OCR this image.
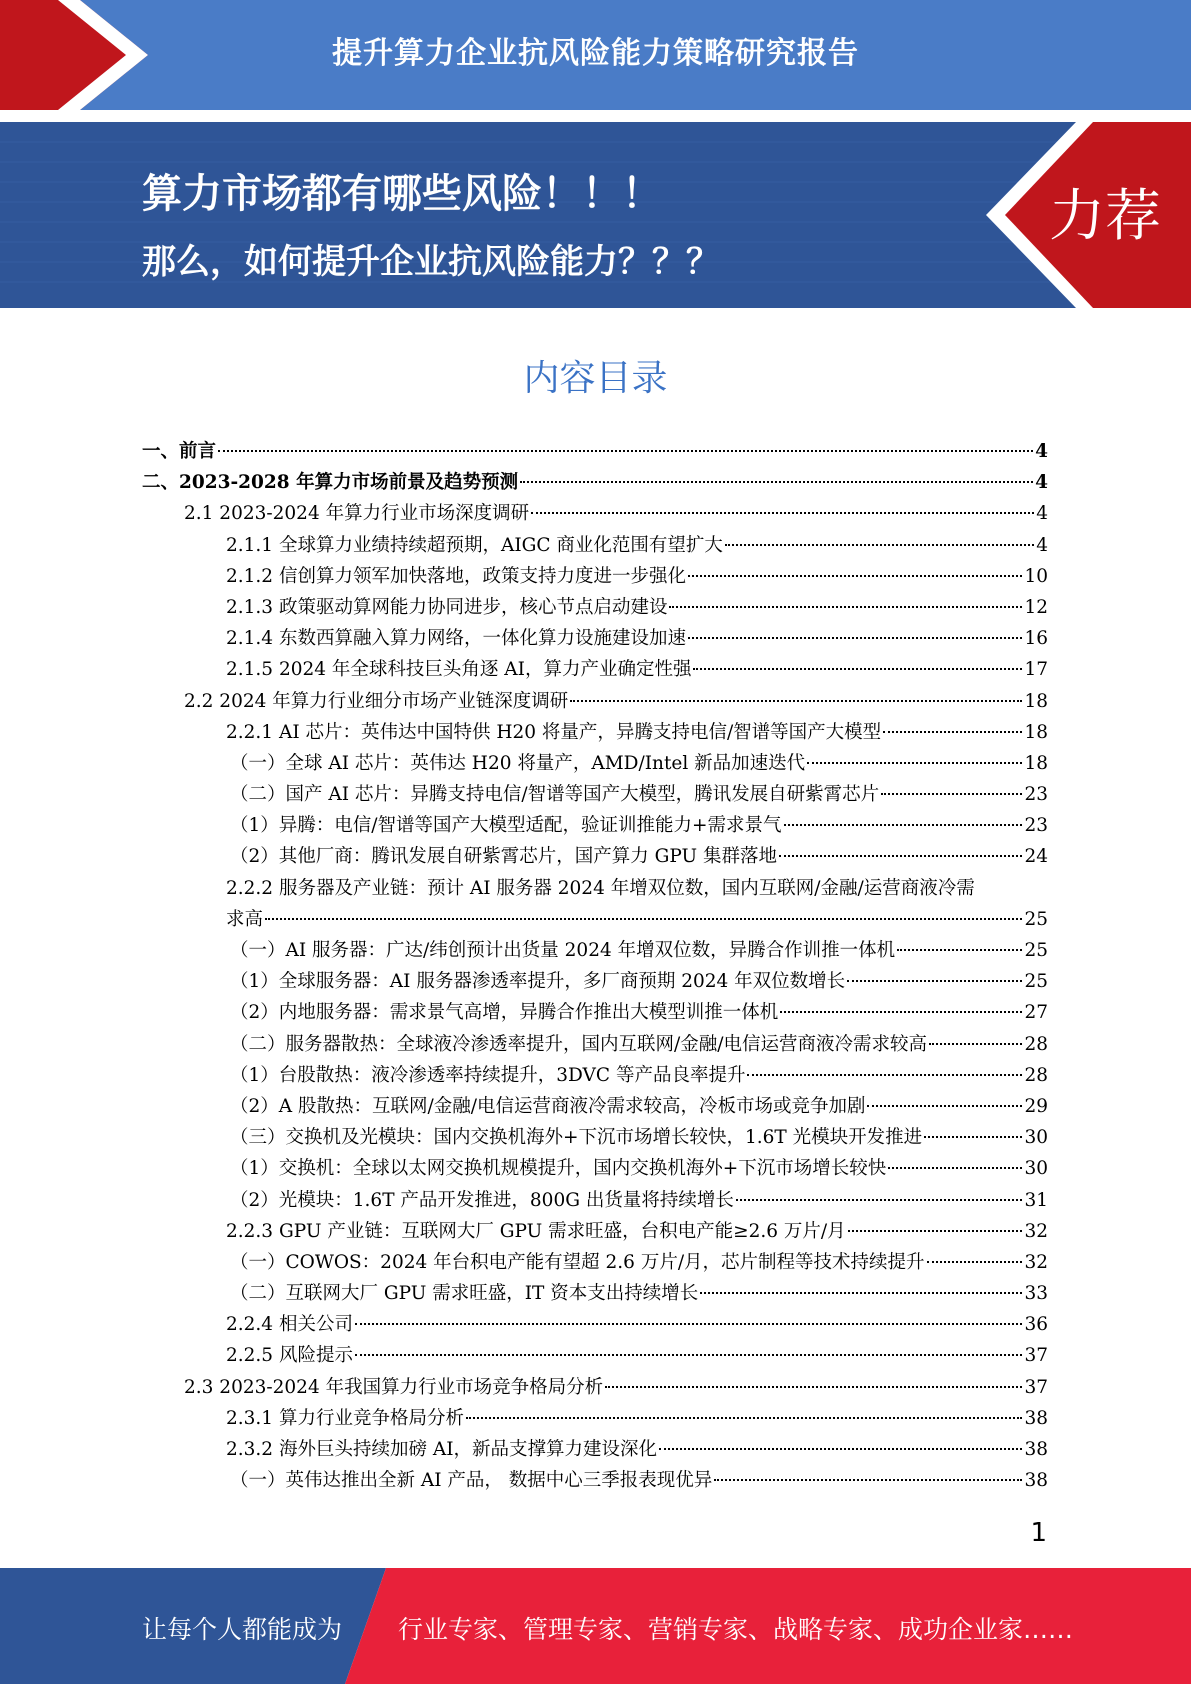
提升算力企业抗风险能力策略研究报告
算力市场都有哪些风险！！！
那么，如何提升企业抗风险能力？？？
力荐
内容目录
一、前言	4
二、2023-2028 年算力市场前景及趋势预测	4
2.1 2023-2024 年算力行业市场深度调研	4
2.1.1 全球算力业绩持续超预期，AIGC 商业化范围有望扩大	4
2.1.2 信创算力领军加快落地，政策支持力度进一步强化	10
2.1.3 政策驱动算网能力协同进步，核心节点启动建设	12
2.1.4 东数西算融入算力网络，一体化算力设施建设加速	16
2.1.5 2024 年全球科技巨头角逐 AI，算力产业确定性强	17
2.2 2024 年算力行业细分市场产业链深度调研	18
2.2.1 AI 芯片：英伟达中国特供 H20 将量产，异腾支持电信/智谱等国产大模型	18
（一）全球 AI 芯片：英伟达 H20 将量产，AMD/Intel 新品加速迭代	18
（二）国产 AI 芯片：异腾支持电信/智谱等国产大模型，腾讯发展自研紫霄芯片	23
（1）异腾：电信/智谱等国产大模型适配，验证训推能力+需求景气	23
（2）其他厂商：腾讯发展自研紫霄芯片，国产算力 GPU 集群落地	24
2.2.2 服务器及产业链：预计 AI 服务器 2024 年增双位数，国内互联网/金融/运营商液冷需
求高	25
（一）AI 服务器：广达/纬创预计出货量 2024 年增双位数，异腾合作训推一体机	25
（1）全球服务器：AI 服务器渗透率提升，多厂商预期 2024 年双位数增长	25
（2）内地服务器：需求景气高增，异腾合作推出大模型训推一体机	27
（二）服务器散热：全球液冷渗透率提升，国内互联网/金融/电信运营商液冷需求较高	28
（1）台股散热：液冷渗透率持续提升，3DVC 等产品良率提升	28
（2）A 股散热：互联网/金融/电信运营商液冷需求较高，冷板市场或竞争加剧	29
（三）交换机及光模块：国内交换机海外+下沉市场增长较快，1.6T 光模块开发推进	30
（1）交换机：全球以太网交换机规模提升，国内交换机海外+下沉市场增长较快	30
（2）光模块：1.6T 产品开发推进，800G 出货量将持续增长	31
2.2.3 GPU 产业链：互联网大厂 GPU 需求旺盛，台积电产能≥2.6 万片/月	32
（一）COWOS：2024 年台积电产能有望超 2.6 万片/月，芯片制程等技术持续提升	32
（二）互联网大厂 GPU 需求旺盛，IT 资本支出持续增长	33
2.2.4 相关公司	36
2.2.5 风险提示	37
2.3 2023-2024 年我国算力行业市场竞争格局分析	37
2.3.1 算力行业竞争格局分析	38
2.3.2 海外巨头持续加磅 AI，新品支撑算力建设深化	38
（一）英伟达推出全新 AI 产品， 数据中心三季报表现优异	38
1
让每个人都能成为 行业专家、管理专家、营销专家、战略专家、成功企业家……
